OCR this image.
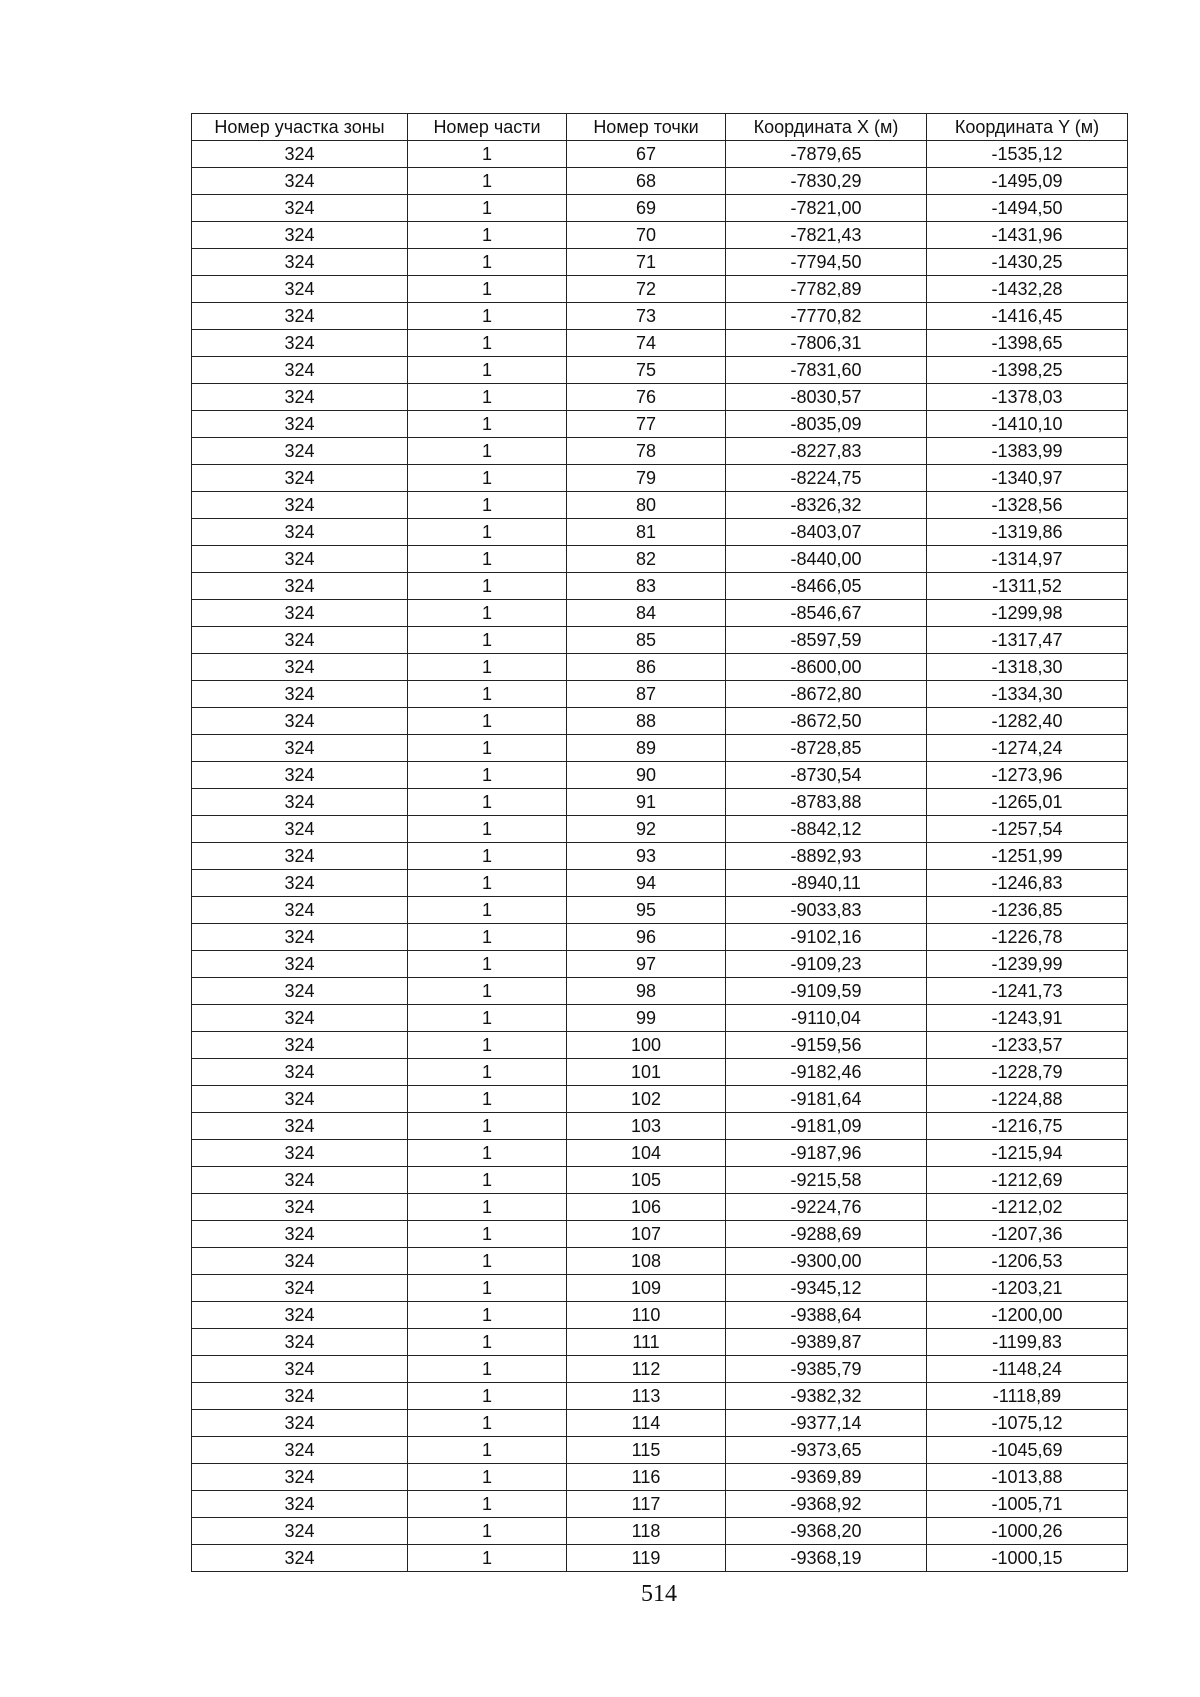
Номер участка зоны	Номер части	Номер точки	Координата X (м)	Координата Y (м)
324	1	67	-7879,65	-1535,12
324	1	68	-7830,29	-1495,09
324	1	69	-7821,00	-1494,50
324	1	70	-7821,43	-1431,96
324	1	71	-7794,50	-1430,25
324	1	72	-7782,89	-1432,28
324	1	73	-7770,82	-1416,45
324	1	74	-7806,31	-1398,65
324	1	75	-7831,60	-1398,25
324	1	76	-8030,57	-1378,03
324	1	77	-8035,09	-1410,10
324	1	78	-8227,83	-1383,99
324	1	79	-8224,75	-1340,97
324	1	80	-8326,32	-1328,56
324	1	81	-8403,07	-1319,86
324	1	82	-8440,00	-1314,97
324	1	83	-8466,05	-1311,52
324	1	84	-8546,67	-1299,98
324	1	85	-8597,59	-1317,47
324	1	86	-8600,00	-1318,30
324	1	87	-8672,80	-1334,30
324	1	88	-8672,50	-1282,40
324	1	89	-8728,85	-1274,24
324	1	90	-8730,54	-1273,96
324	1	91	-8783,88	-1265,01
324	1	92	-8842,12	-1257,54
324	1	93	-8892,93	-1251,99
324	1	94	-8940,11	-1246,83
324	1	95	-9033,83	-1236,85
324	1	96	-9102,16	-1226,78
324	1	97	-9109,23	-1239,99
324	1	98	-9109,59	-1241,73
324	1	99	-9110,04	-1243,91
324	1	100	-9159,56	-1233,57
324	1	101	-9182,46	-1228,79
324	1	102	-9181,64	-1224,88
324	1	103	-9181,09	-1216,75
324	1	104	-9187,96	-1215,94
324	1	105	-9215,58	-1212,69
324	1	106	-9224,76	-1212,02
324	1	107	-9288,69	-1207,36
324	1	108	-9300,00	-1206,53
324	1	109	-9345,12	-1203,21
324	1	110	-9388,64	-1200,00
324	1	111	-9389,87	-1199,83
324	1	112	-9385,79	-1148,24
324	1	113	-9382,32	-1118,89
324	1	114	-9377,14	-1075,12
324	1	115	-9373,65	-1045,69
324	1	116	-9369,89	-1013,88
324	1	117	-9368,92	-1005,71
324	1	118	-9368,20	-1000,26
324	1	119	-9368,19	-1000,15
514
